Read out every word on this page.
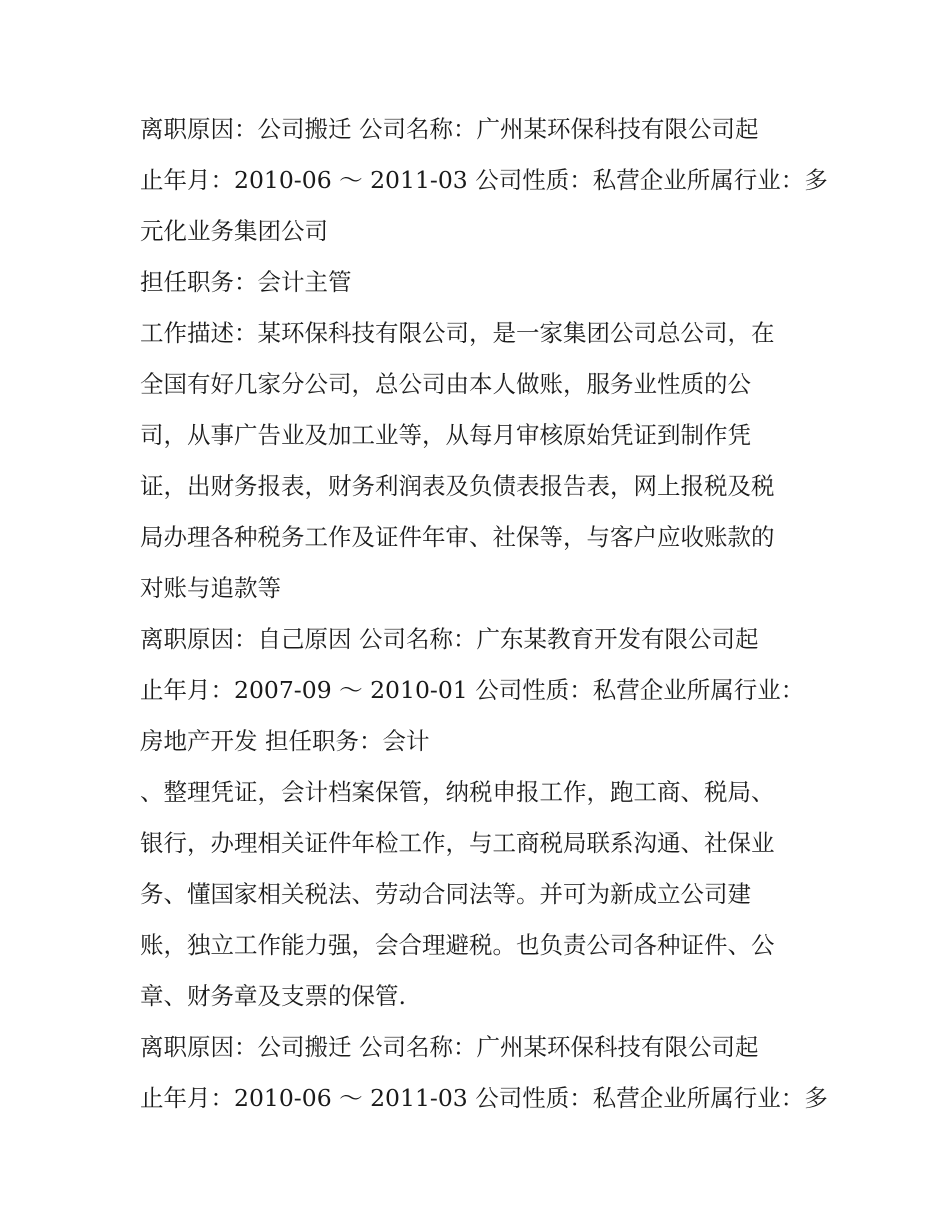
离职原因：公司搬迁 公司名称：广州某环保科技有限公司起
止年月：2010-06 ～ 2011-03 公司性质：私营企业所属行业：多
元化业务集团公司
担任职务：会计主管
工作描述：某环保科技有限公司，是一家集团公司总公司，在
全国有好几家分公司，总公司由本人做账，服务业性质的公
司，从事广告业及加工业等，从每月审核原始凭证到制作凭
证，出财务报表，财务利润表及负债表报告表，网上报税及税
局办理各种税务工作及证件年审、社保等，与客户应收账款的
对账与追款等
离职原因：自己原因 公司名称：广东某教育开发有限公司起
止年月：2007-09 ～ 2010-01 公司性质：私营企业所属行业：
房地产开发 担任职务：会计
、整理凭证，会计档案保管，纳税申报工作，跑工商、税局、
银行，办理相关证件年检工作，与工商税局联系沟通、社保业
务、懂国家相关税法、劳动合同法等。并可为新成立公司建
账，独立工作能力强，会合理避税。也负责公司各种证件、公
章、财务章及支票的保管.
离职原因：公司搬迁 公司名称：广州某环保科技有限公司起
止年月：2010-06 ～ 2011-03 公司性质：私营企业所属行业：多
